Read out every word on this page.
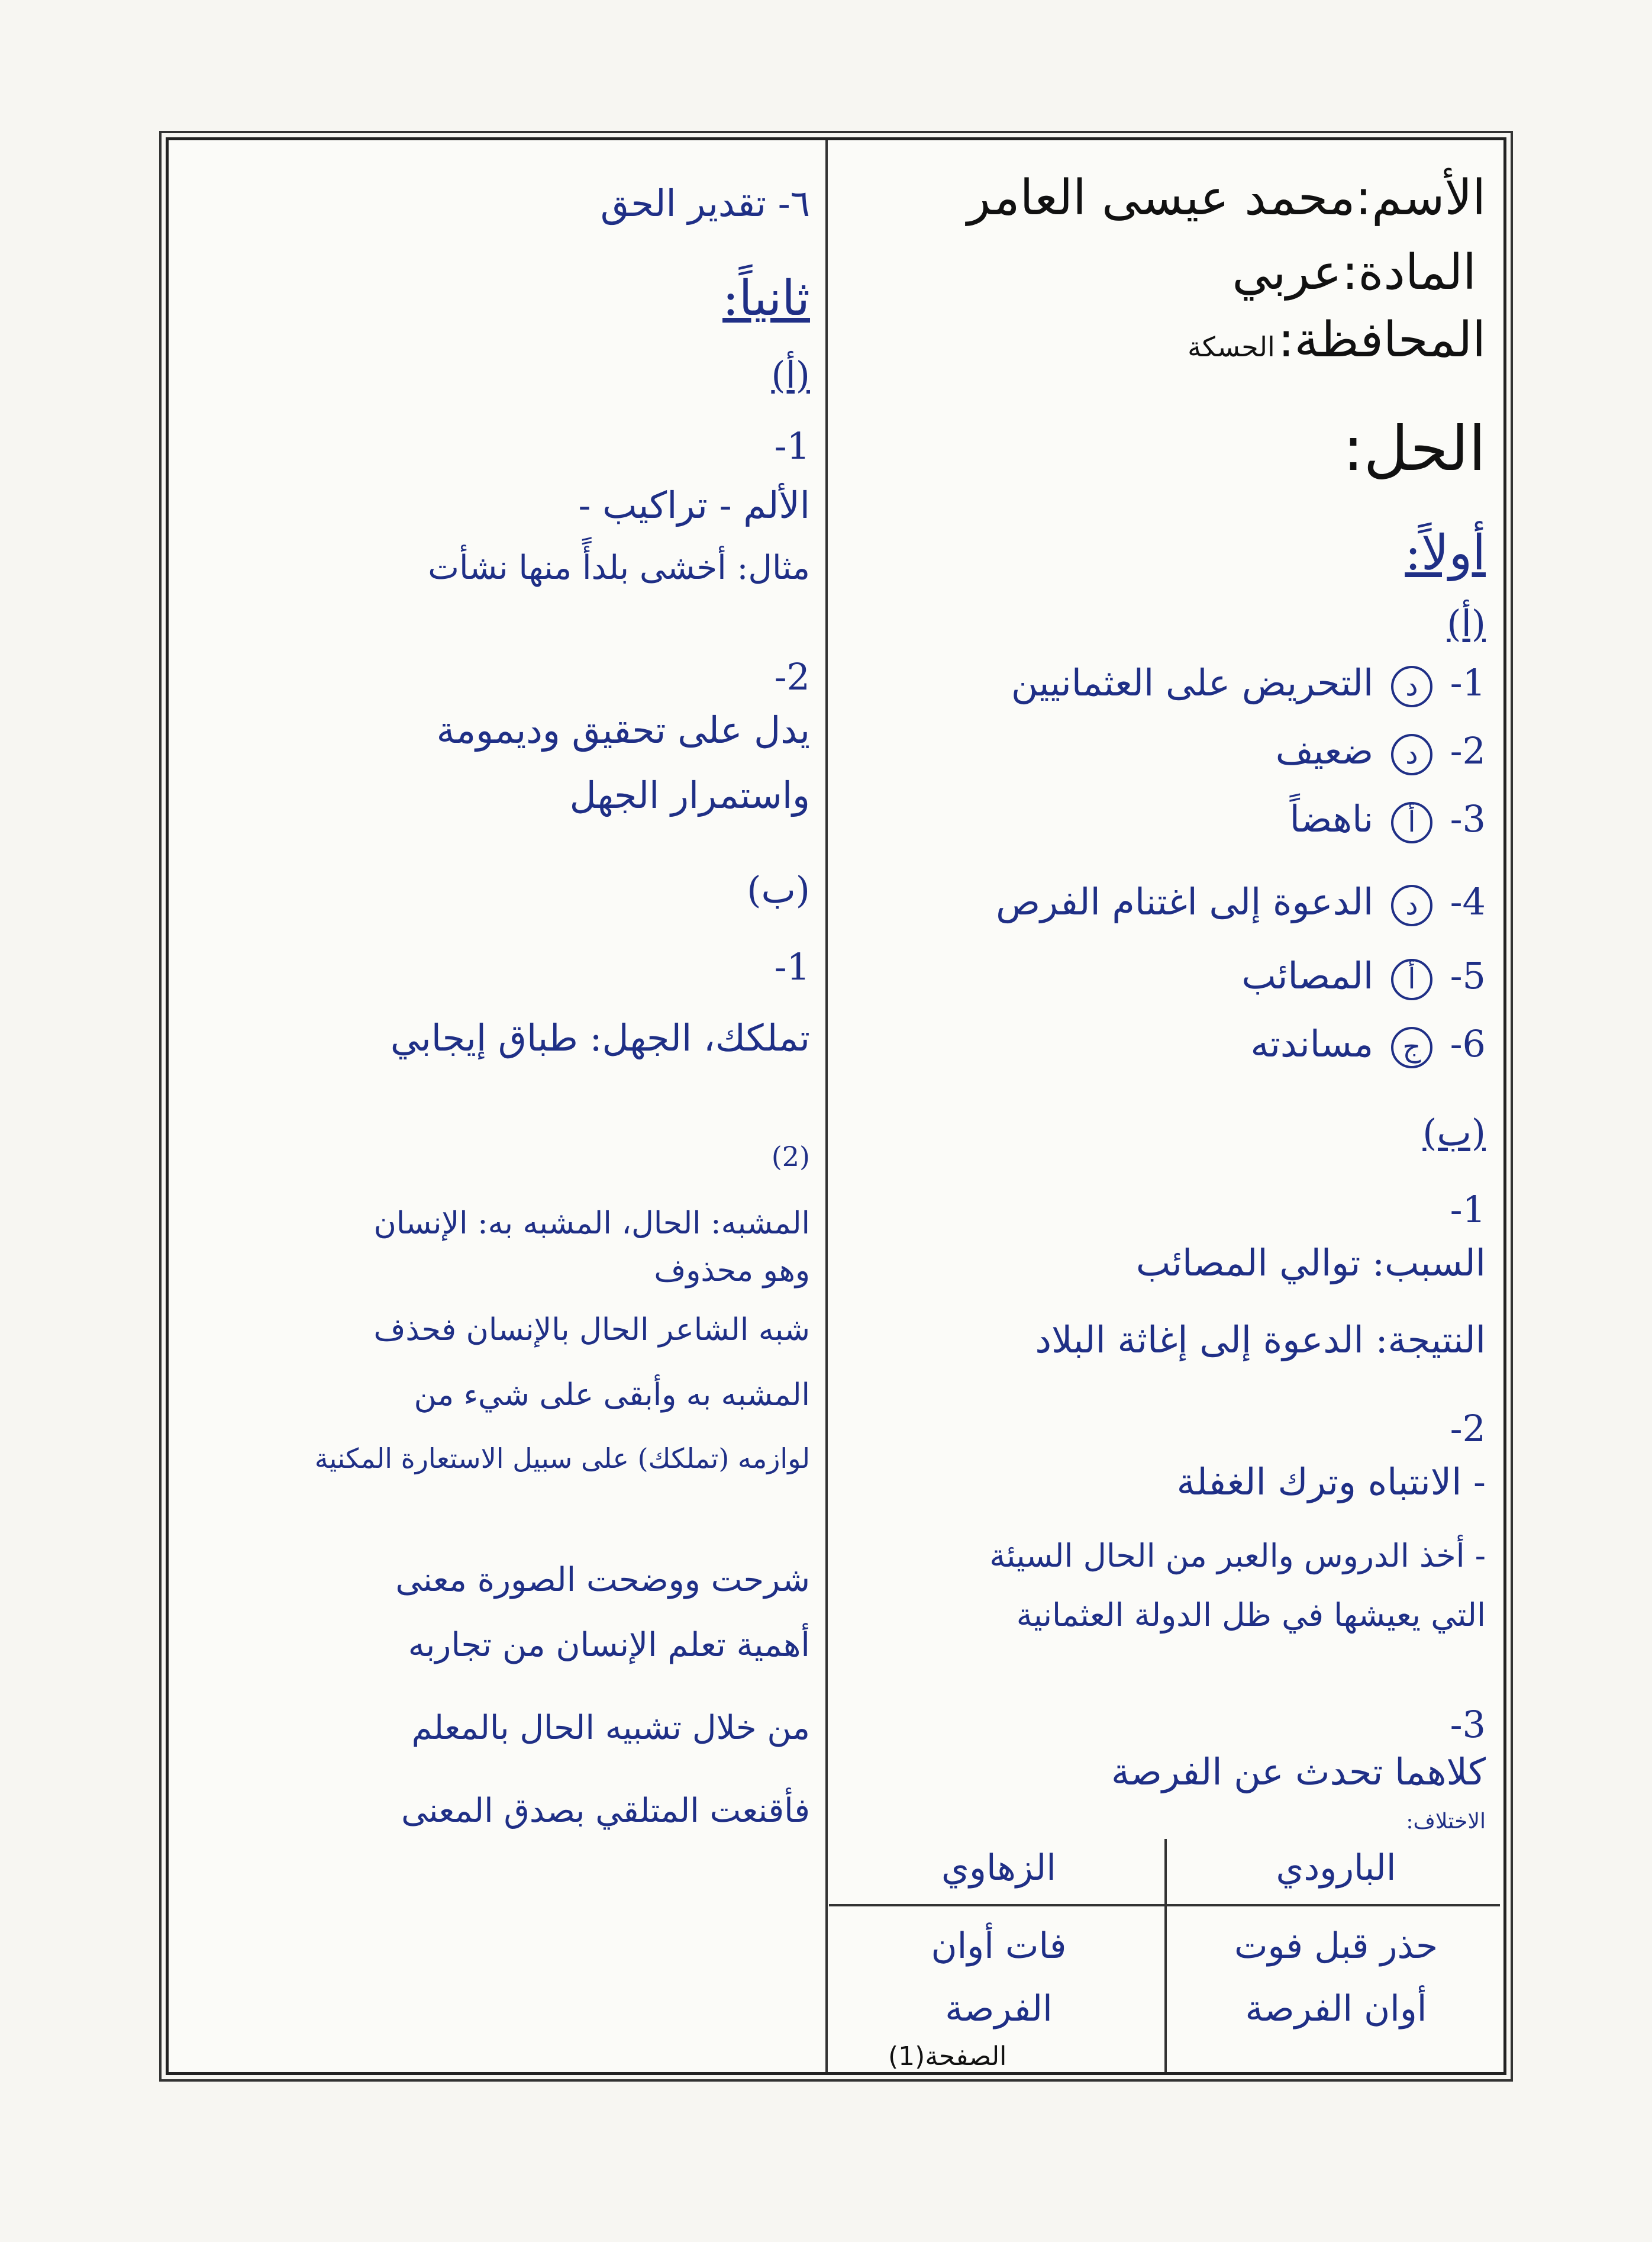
الأسم:محمد عيسى العامر
المادة:عربي
المحافظة: الحسكة
الحل:
أولاً:
(أ)
1- د التحريض على العثمانيين
2- د ضعيف
3- أ ناهضاً
4- د الدعوة إلى اغتنام الفرص
5- أ المصائب
6- ج مساندته
(ب)
1-
السبب: توالي المصائب
النتيجة: الدعوة إلى إغاثة البلاد
2-
- الانتباه وترك الغفلة
- أخذ الدروس والعبر من الحال السيئة
التي يعيشها في ظل الدولة العثمانية
3-
كلاهما تحدث عن الفرصة
الاختلاف:
البارودي
الزهاوي
حذر قبل فوت
أوان الفرصة
فات أوان
الفرصة
الصفحة(1)
٦- تقدير الحق
ثانياً:
(أ)
1-
الألم - تراكيب -
مثال: أخشى بلدأً منها نشأت
2-
يدل على تحقيق وديمومة
واستمرار الجهل
(ب)
1-
تملكك، الجهل: طباق إيجابي
(2)
المشبه: الحال، المشبه به: الإنسان
وهو محذوف
شبه الشاعر الحال بالإنسان فحذف
المشبه به وأبقى على شيء من
لوازمه (تملكك) على سبيل الاستعارة المكنية
شرحت ووضحت الصورة معنى
أهمية تعلم الإنسان من تجاربه
من خلال تشبيه الحال بالمعلم
فأقنعت المتلقي بصدق المعنى
